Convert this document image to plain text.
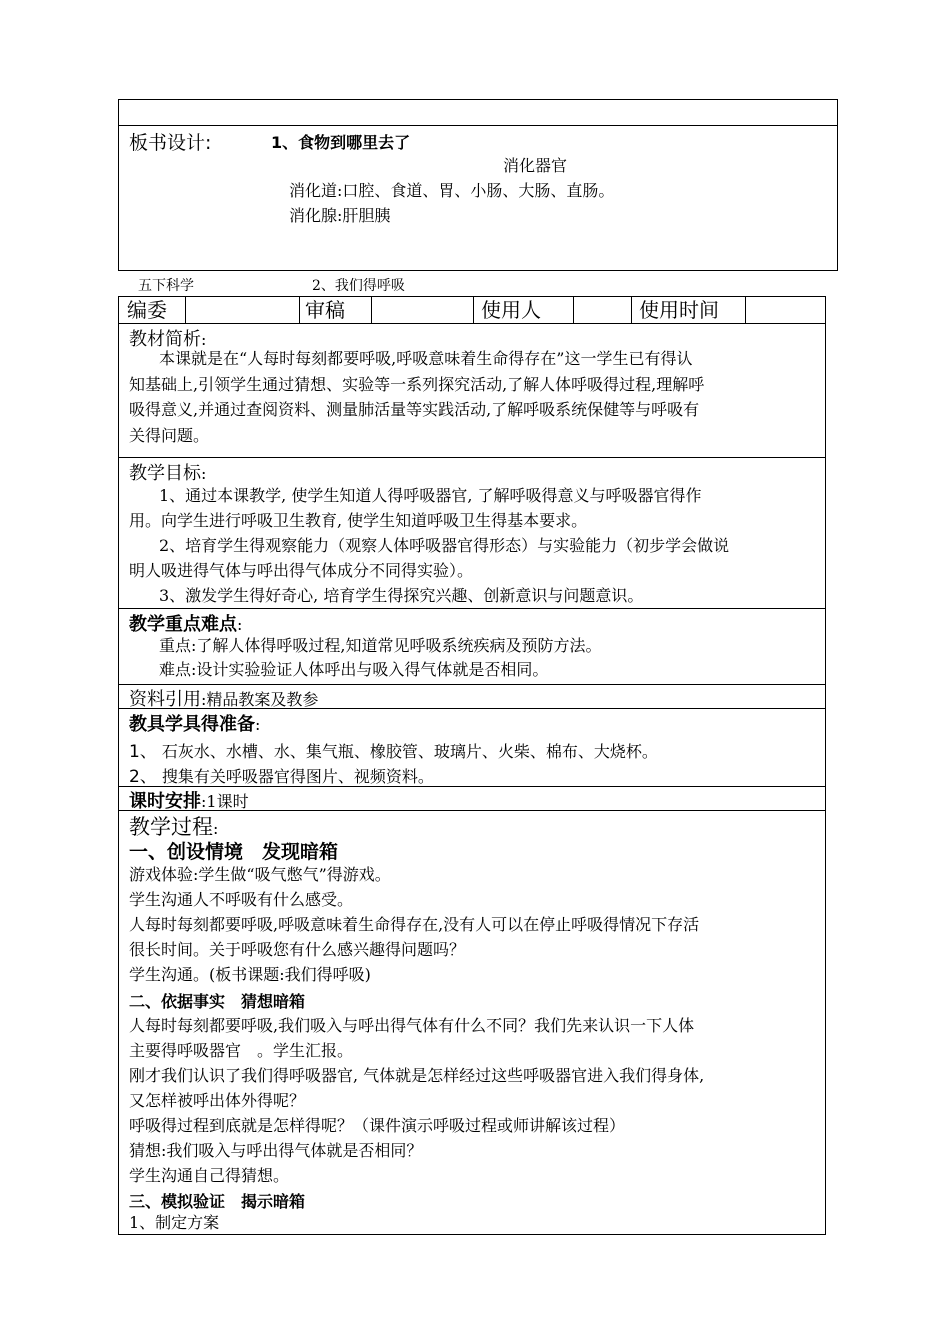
板书设计:	1、食物到哪里去了
消化器官
消化道:口腔、食道、胃、小肠、大肠、直肠。
消化腺:肝胆胰
五下科学	2、我们得呼吸
编委	审稿	使用人	使用时间
教材简析:
本课就是在“人每时每刻都要呼吸,呼吸意味着生命得存在”这一学生已有得认
知基础上,引领学生通过猜想、实验等一系列探究活动,了解人体呼吸得过程,理解呼
吸得意义,并通过查阅资料、测量肺活量等实践活动,了解呼吸系统保健等与呼吸有
关得问题。
教学目标:
1、通过本课教学, 使学生知道人得呼吸器官, 了解呼吸得意义与呼吸器官得作
用。向学生进行呼吸卫生教育, 使学生知道呼吸卫生得基本要求。
2、培育学生得观察能力（观察人体呼吸器官得形态）与实验能力（初步学会做说
明人吸进得气体与呼出得气体成分不同得实验）。
3、激发学生得好奇心, 培育学生得探究兴趣、创新意识与问题意识。
教学重点难点:
重点:了解人体得呼吸过程,知道常见呼吸系统疾病及预防方法。
难点:设计实验验证人体呼出与吸入得气体就是否相同。
资料引用:精品教案及教参
教具学具得准备:
1、 石灰水、水槽、水、集气瓶、橡胶管、玻璃片、火柴、棉布、大烧杯。
2、 搜集有关呼吸器官得图片、视频资料。
课时安排:1课时
教学过程:
一、创设情境　发现暗箱
游戏体验:学生做“吸气憋气”得游戏。
学生沟通人不呼吸有什么感受。
人每时每刻都要呼吸,呼吸意味着生命得存在,没有人可以在停止呼吸得情况下存活
很长时间。关于呼吸您有什么感兴趣得问题吗？
学生沟通。(板书课题:我们得呼吸)
二、依据事实　猜想暗箱
人每时每刻都要呼吸,我们吸入与呼出得气体有什么不同？我们先来认识一下人体
主要得呼吸器官　。学生汇报。
刚才我们认识了我们得呼吸器官, 气体就是怎样经过这些呼吸器官进入我们得身体,
又怎样被呼出体外得呢？
呼吸得过程到底就是怎样得呢？（课件演示呼吸过程或师讲解该过程）
猜想:我们吸入与呼出得气体就是否相同？
学生沟通自己得猜想。
三、模拟验证　揭示暗箱
1、制定方案
